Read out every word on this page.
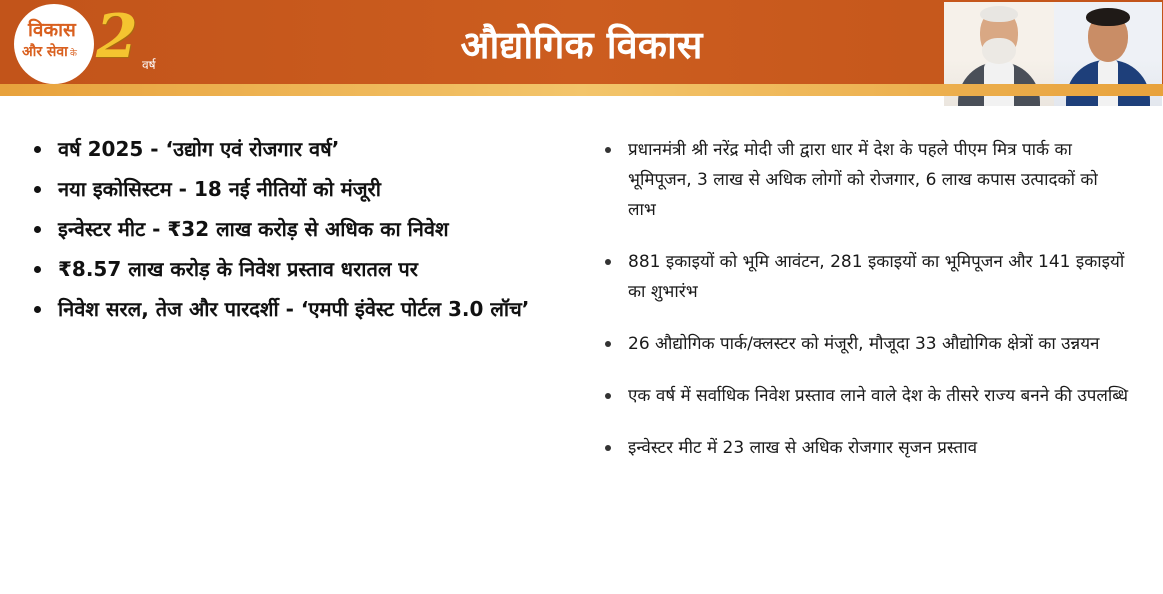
विकास
और सेवा के 2 वर्ष	औद्योगिक विकास
वर्ष 2025 - ‘उद्योग एवं रोजगार वर्ष’
नया इकोसिस्टम - 18 नई नीतियों को मंजूरी
इन्वेस्टर मीट - ₹32 लाख करोड़ से अधिक का निवेश
₹8.57 लाख करोड़ के निवेश प्रस्ताव धरातल पर
निवेश सरल, तेज और पारदर्शी - ‘एमपी इंवेस्ट पोर्टल 3.0 लॉच’
प्रधानमंत्री श्री नरेंद्र मोदी जी द्वारा धार में देश के पहले पीएम मित्र पार्क का भूमिपूजन, 3 लाख से अधिक लोगों को रोजगार, 6 लाख कपास उत्पादकों को लाभ
881 इकाइयों को भूमि आवंटन, 281 इकाइयों का भूमिपूजन और 141 इकाइयों का शुभारंभ
26 औद्योगिक पार्क/क्लस्टर को मंजूरी, मौजूदा 33 औद्योगिक क्षेत्रों का उन्नयन
एक वर्ष में सर्वाधिक निवेश प्रस्ताव लाने वाले देश के तीसरे राज्य बनने की उपलब्धि
इन्वेस्टर मीट में 23 लाख से अधिक रोजगार सृजन प्रस्ताव
